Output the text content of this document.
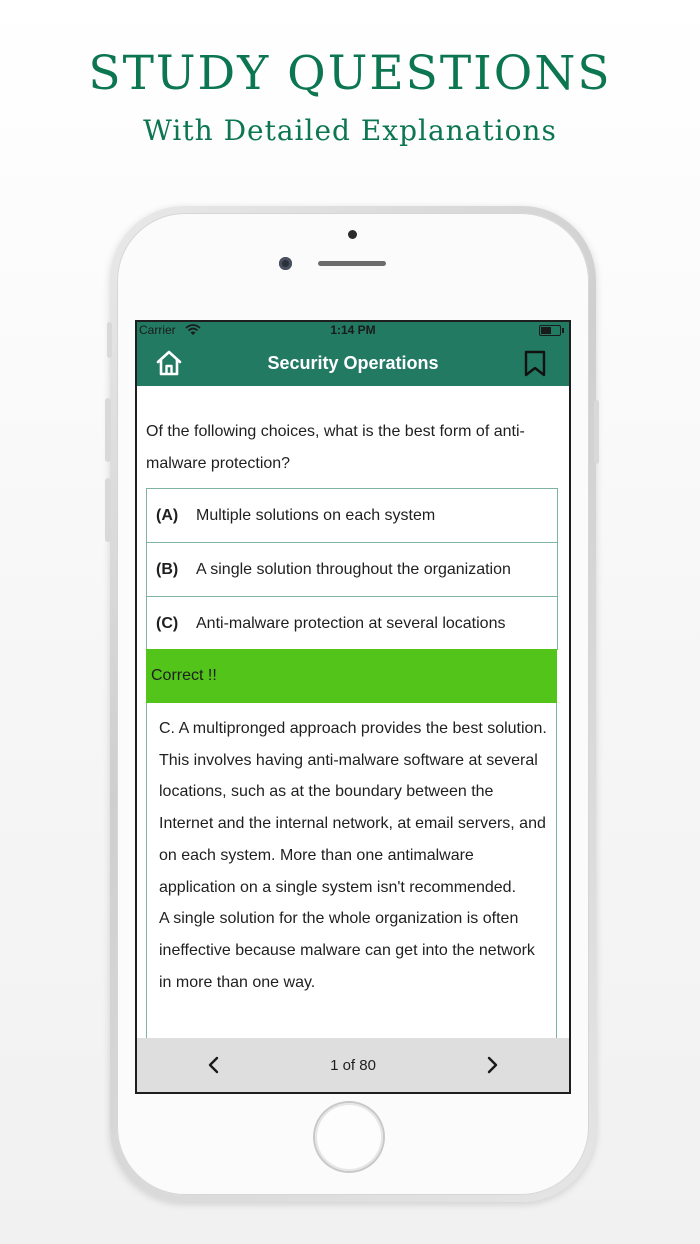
STUDY QUESTIONS
With Detailed Explanations
Carrier	1:14 PM
Security Operations
Of the following choices, what is the best form of anti-malware protection?
(A)	Multiple solutions on each system
(B)	A single solution throughout the organization
(C)	Anti-malware protection at several locations
Correct !!

C. A multipronged approach provides the best solution. This involves having anti-malware software at several locations, such as at the boundary between the Internet and the internal network, at email servers, and on each system. More than one antimalware application on a single system isn't recommended.

A single solution for the whole organization is often ineffective because malware can get into the network in more than one way.

1 of 80
